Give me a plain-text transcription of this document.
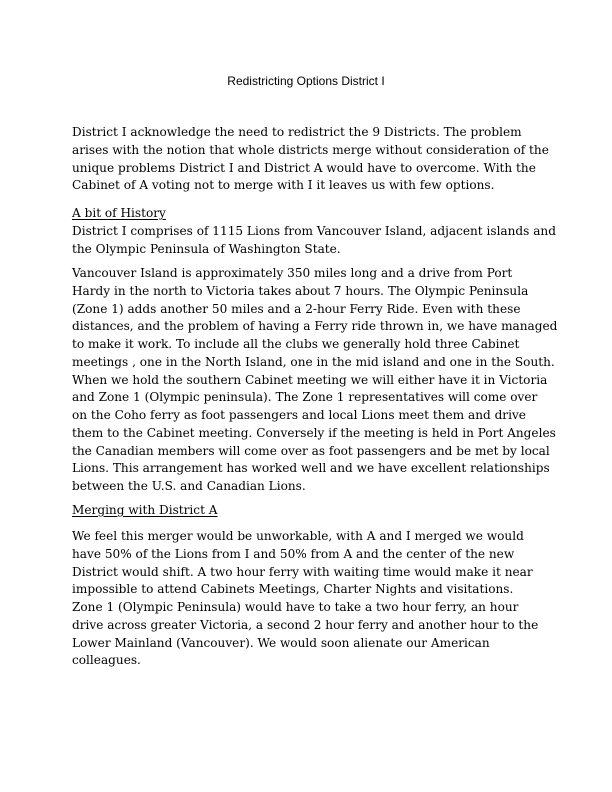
Redistricting Options District I
District I acknowledge the need to redistrict the 9 Districts. The problem
arises with the notion that whole districts merge without consideration of the
unique problems District I and District A would have to overcome. With the
Cabinet of A voting not to merge with I it leaves us with few options.
A bit of History
District I comprises of 1115 Lions from Vancouver Island, adjacent islands and
the Olympic Peninsula of Washington State.
Vancouver Island is approximately 350 miles long and a drive from Port
Hardy in the north to Victoria takes about 7 hours. The Olympic Peninsula
(Zone 1) adds another 50 miles and a 2-hour Ferry Ride. Even with these
distances, and the problem of having a Ferry ride thrown in, we have managed
to make it work. To include all the clubs we generally hold three Cabinet
meetings , one in the North Island, one in the mid island and one in the South.
When we hold the southern Cabinet meeting we will either have it in Victoria
and Zone 1 (Olympic peninsula). The Zone 1 representatives will come over
on the Coho ferry as foot passengers and local Lions meet them and drive
them to the Cabinet meeting. Conversely if the meeting is held in Port Angeles
the Canadian members will come over as foot passengers and be met by local
Lions. This arrangement has worked well and we have excellent relationships
between the U.S. and Canadian Lions.
Merging with District A
We feel this merger would be unworkable, with A and I merged we would
have 50% of the Lions from I and 50% from A and the center of the new
District would shift. A two hour ferry with waiting time would make it near
impossible to attend Cabinets Meetings, Charter Nights and visitations.
Zone 1 (Olympic Peninsula) would have to take a two hour ferry, an hour
drive across greater Victoria, a second 2 hour ferry and another hour to the
Lower Mainland (Vancouver). We would soon alienate our American
colleagues.
